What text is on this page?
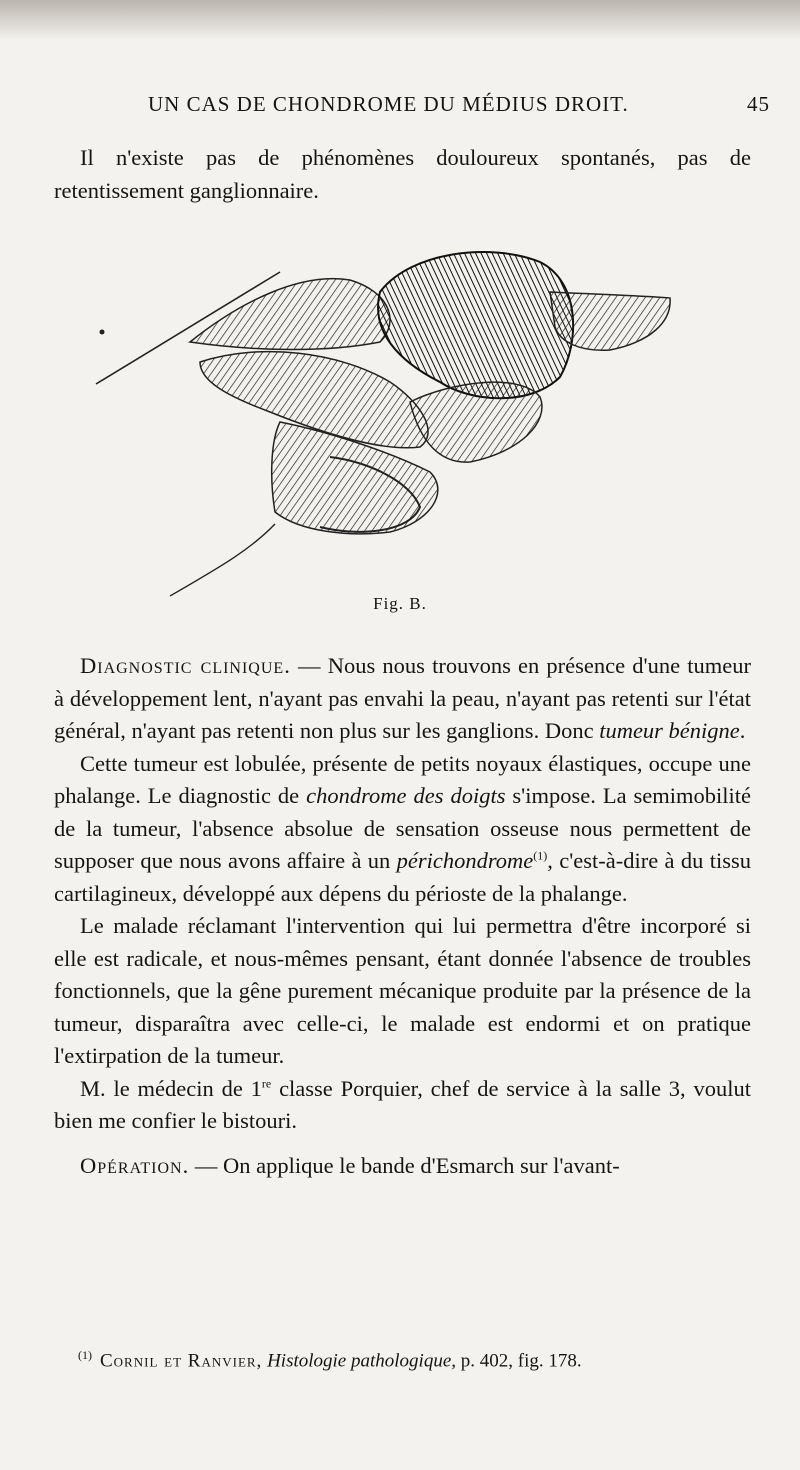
UN CAS DE CHONDROME DU MÉDIUS DROIT.	45

Il n'existe pas de phénomènes douloureux spontanés, pas de retentissement ganglionnaire.

Fig. B.

Diagnostic clinique. — Nous nous trouvons en présence d'une tumeur à développement lent, n'ayant pas envahi la peau, n'ayant pas retenti sur l'état général, n'ayant pas retenti non plus sur les ganglions. Donc tumeur bénigne.

Cette tumeur est lobulée, présente de petits noyaux élastiques, occupe une phalange. Le diagnostic de chondrome des doigts s'impose. La semimobilité de la tumeur, l'absence absolue de sensation osseuse nous permettent de supposer que nous avons affaire à un périchondrome$^{(1)}$, c'est-à-dire à du tissu cartilagineux, développé aux dépens du périoste de la phalange.

Le malade réclamant l'intervention qui lui permettra d'être incorporé si elle est radicale, et nous-mêmes pensant, étant donnée l'absence de troubles fonctionnels, que la gêne purement mécanique produite par la présence de la tumeur, disparaîtra avec celle-ci, le malade est endormi et on pratique l'extirpation de la tumeur.

M. le médecin de 1re classe Porquier, chef de service à la salle 3, voulut bien me confier le bistouri.

Opération. — On applique le bande d'Esmarch sur l'avant-

$^{(1)}$ Cornil et Ranvier, Histologie pathologique, p. 402, fig. 178.
